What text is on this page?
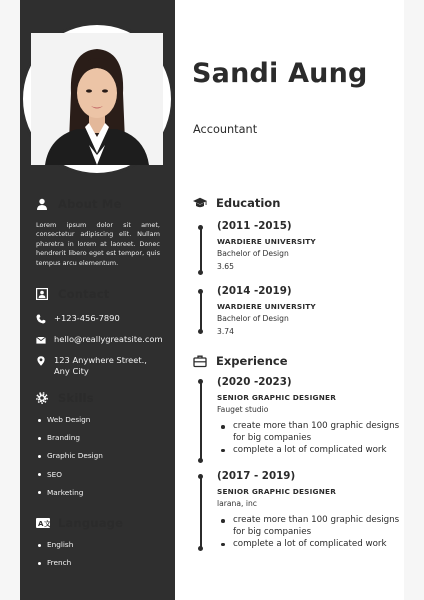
About Me

Lorem ipsum dolor sit amet, consectetur adipiscing elit. Nullam pharetra in lorem at laoreet. Donec hendrerit libero eget est tempor, quis tempus arcu elementum.

Contact
+123-456-7890
hello@reallygreatsite.com
123 Anywhere Street., Any City
Skills
Web Design
Branding
Graphic Design
SEO
Marketing
A 文 Language
English
French
Sandi Aung
Accountant
Education
(2011 -2015)
WARDIERE UNIVERSITY
Bachelor of Design
3.65
(2014 -2019)
WARDIERE UNIVERSITY
Bachelor of Design
3.74
Experience
(2020 -2023)
SENIOR GRAPHIC DESIGNER
Fauget studio
create more than 100 graphic designs for big companies
complete a lot of complicated work
(2017 - 2019)
SENIOR GRAPHIC DESIGNER
larana, inc
create more than 100 graphic designs for big companies
complete a lot of complicated work
